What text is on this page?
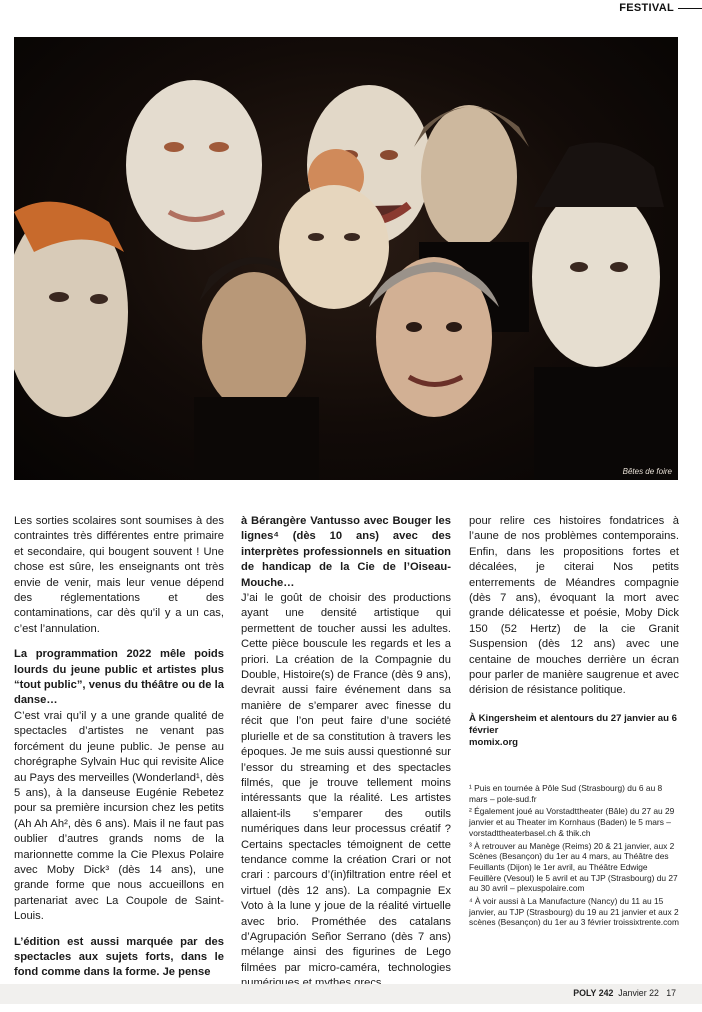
FESTIVAL
Bêtes de foire

Les sorties scolaires sont soumises à des contraintes très différentes entre primaire et secondaire, qui bougent souvent ! Une chose est sûre, les enseignants ont très envie de venir, mais leur venue dépend des réglementations et des contaminations, car dès qu’il y a un cas, c’est l’annulation.

La programmation 2022 mêle poids lourds du jeune public et artistes plus “tout public”, venus du théâtre ou de la danse…

C’est vrai qu’il y a une grande qualité de spectacles d’artistes ne venant pas forcément du jeune public. Je pense au chorégraphe Sylvain Huc qui revisite Alice au Pays des merveilles (Wonderland¹, dès 5 ans), à la danseuse Eugénie Rebetez pour sa première incursion chez les petits (Ah Ah Ah², dès 6 ans). Mais il ne faut pas oublier d’autres grands noms de la marionnette comme la Cie Plexus Polaire avec Moby Dick³ (dès 14 ans), une grande forme que nous accueillons en partenariat avec La Coupole de Saint-Louis.

L’édition est aussi marquée par des spectacles aux sujets forts, dans le fond comme dans la forme. Je pense

à Bérangère Vantusso avec Bouger les lignes⁴ (dès 10 ans) avec des interprètes professionnels en situation de handicap de la Cie de l’Oiseau-Mouche…

J’ai le goût de choisir des productions ayant une densité artistique qui permettent de toucher aussi les adultes. Cette pièce bouscule les regards et les a priori. La création de la Compagnie du Double, Histoire(s) de France (dès 9 ans), devrait aussi faire événement dans sa manière de s’emparer avec finesse du récit que l’on peut faire d’une société plurielle et de sa constitution à travers les époques. Je me suis aussi questionné sur l’essor du streaming et des spectacles filmés, que je trouve tellement moins intéressants que la réalité. Les artistes allaient-ils s’emparer des outils numériques dans leur processus créatif ? Certains spectacles témoignent de cette tendance comme la création Crari or not crari : parcours d’(in)filtration entre réel et virtuel (dès 12 ans). La compagnie Ex Voto à la lune y joue de la réalité virtuelle avec brio. Prométhée des catalans d’Agrupación Señor Serrano (dès 7 ans) mélange ainsi des figurines de Lego filmées par micro-caméra, technologies

pour relire ces histoires fondatrices à l’aune de nos problèmes contemporains. Enfin, dans les propositions fortes et décalées, je citerai Nos petits enterrements de Méandres compagnie (dès 7 ans), évoquant la mort avec grande délicatesse et poésie, Moby Dick 150 (52 Hertz) de la cie Granit Suspension (dès 12 ans) avec une centaine de mouches derrière un écran pour parler de manière saugrenue et avec dérision de résistance politique.

À Kingersheim et alentours du 27 janvier au 6 février
momix.org

¹ Puis en tournée à Pôle Sud (Strasbourg) du 6 au 8 mars – pole-sud.fr

² Également joué au Vorstadttheater (Bâle) du 27 au 29 janvier et au Theater im Kornhaus (Baden) le 5 mars – vorstadttheaterbasel.ch & thik.ch

³ À retrouver au Manège (Reims) 20 & 21 janvier, aux 2 Scènes (Besançon) du 1er au 4 mars, au Théâtre des Feuillants (Dijon) le 1er avril, au Théâtre Edwige Feuillère (Vesoul) le 5 avril et au TJP (Strasbourg) du 27 au 30 avril – plexuspolaire.com

⁴ À voir aussi à La Manufacture (Nancy) du 11 au 15 janvier, au TJP (Strasbourg) du 19 au 21 janvier et aux 2 scènes (Besançon) du 1er au 3 février troissixtrente.com

POLY 242 Janvier 22 17
